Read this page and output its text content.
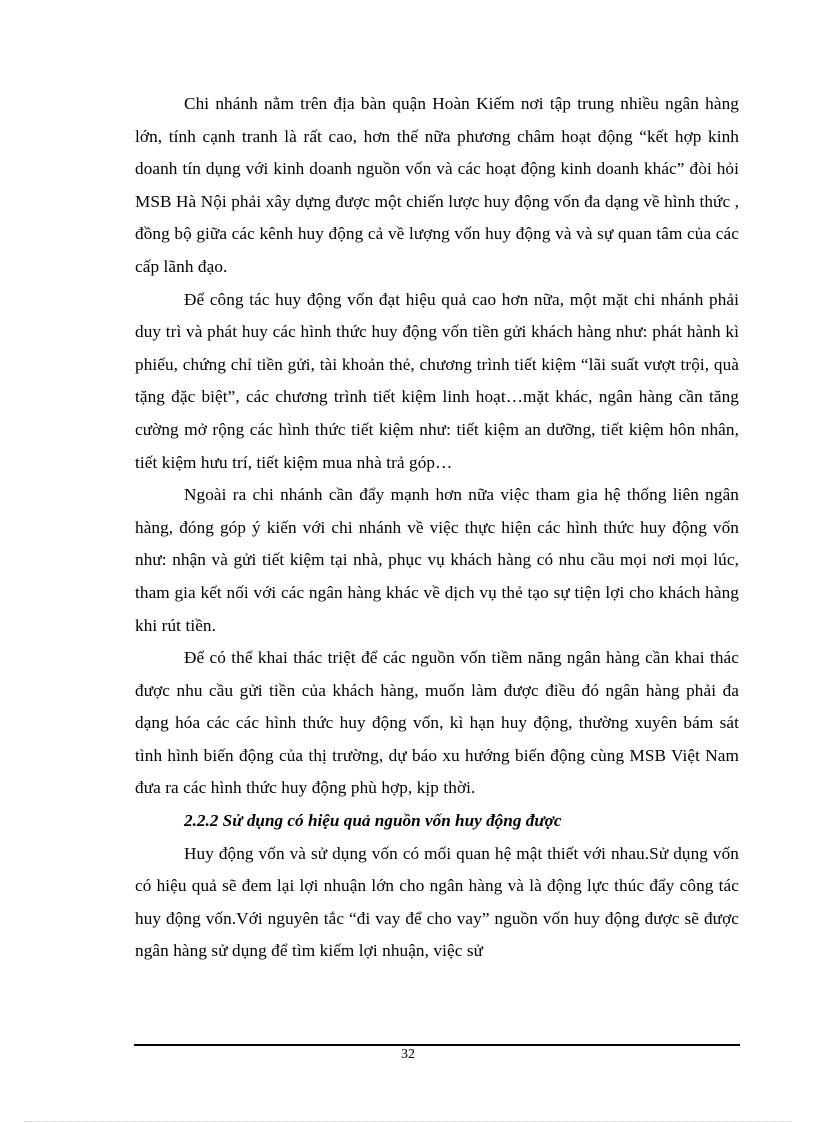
Chi nhánh nằm trên địa bàn quận Hoàn Kiếm nơi tập trung nhiều ngân hàng lớn, tính cạnh tranh là rất cao, hơn thế nữa phương châm hoạt động “kết hợp kinh doanh tín dụng với kinh doanh nguồn vốn và các hoạt động kinh doanh khác” đòi hỏi MSB Hà Nội phải xây dựng được một chiến lược huy động vốn đa dạng về hình thức , đồng bộ giữa các kênh huy động cả về lượng vốn huy động và và sự quan tâm của các cấp lãnh đạo.

Để công tác huy động vốn đạt hiệu quả cao hơn nữa, một mặt chi nhánh phải duy trì và phát huy các hình thức huy động vốn tiền gửi khách hàng như: phát hành kì phiếu, chứng chỉ tiền gửi, tài khoản thẻ, chương trình tiết kiệm “lãi suất vượt trội, quà tặng đặc biệt”, các chương trình tiết kiệm linh hoạt…mặt khác, ngân hàng cần tăng cường mở rộng các hình thức tiết kiệm như: tiết kiệm an dưỡng, tiết kiệm hôn nhân, tiết kiệm hưu trí, tiết kiệm mua nhà trả góp…

Ngoài ra chi nhánh cần đẩy mạnh hơn nữa việc tham gia hệ thống liên ngân hàng, đóng góp ý kiến với chi nhánh về việc thực hiện các hình thức huy động vốn như: nhận và gửi tiết kiệm tại nhà, phục vụ khách hàng có nhu cầu mọi nơi mọi lúc, tham gia kết nối với các ngân hàng khác về dịch vụ thẻ tạo sự tiện lợi cho khách hàng khi rút tiền.

Để có thể khai thác triệt để các nguồn vốn tiềm năng ngân hàng cần khai thác được nhu cầu gửi tiền của khách hàng, muốn làm được điều đó ngân hàng phải đa dạng hóa các các hình thức huy động vốn, kì hạn huy động, thường xuyên bám sát tình hình biến động của thị trường, dự báo xu hướng biến động cùng MSB Việt Nam đưa ra các hình thức huy động phù hợp, kịp thời.

2.2.2 Sử dụng có hiệu quả nguồn vốn huy động được

Huy động vốn và sử dụng vốn có mối quan hệ mật thiết với nhau.Sử dụng vốn có hiệu quả sẽ đem lại lợi nhuận lớn cho ngân hàng và là động lực thúc đẩy công tác huy động vốn.Với nguyên tắc “đi vay để cho vay” nguồn vốn huy động được sẽ được ngân hàng sử dụng để tìm kiếm lợi nhuận, việc sử

32
